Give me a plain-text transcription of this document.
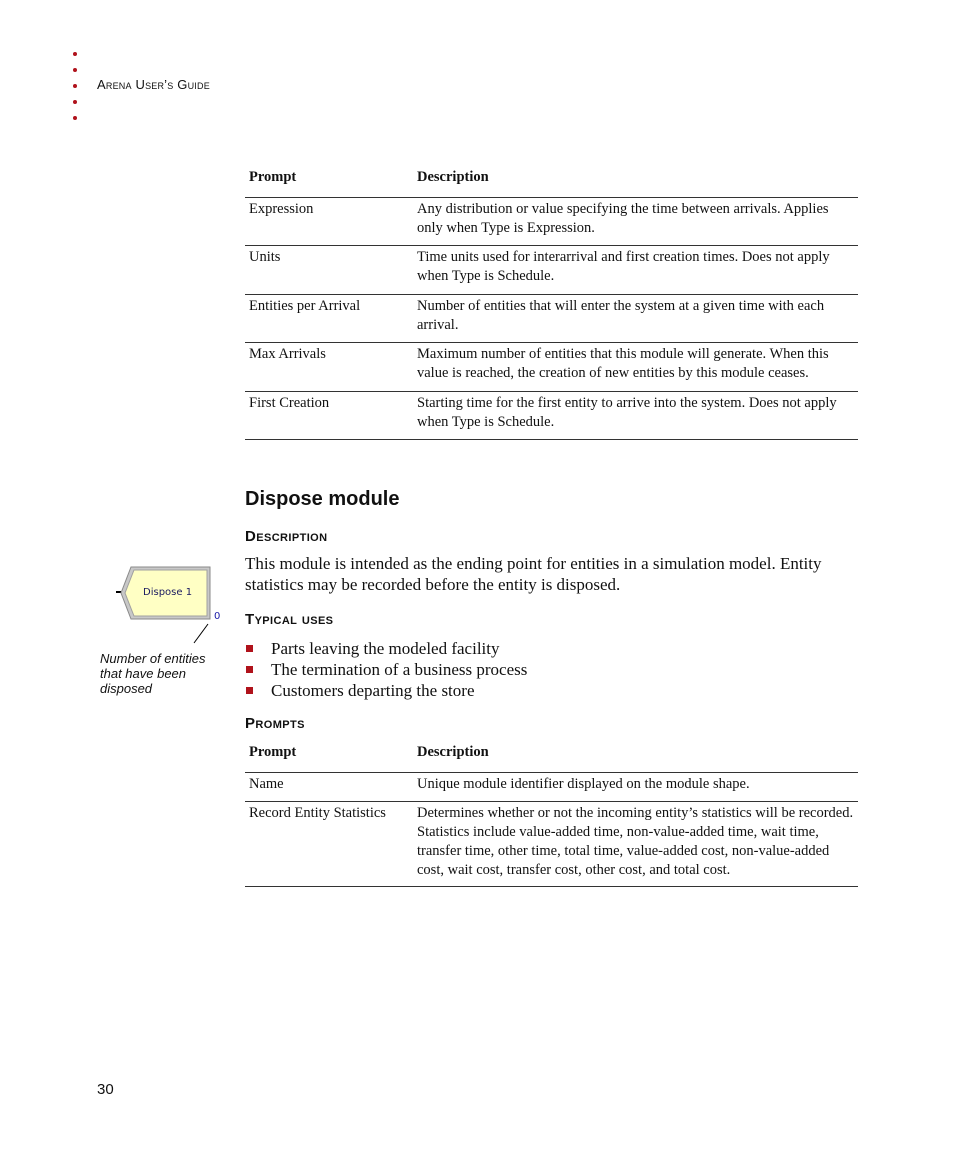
Arena User’s Guide
Prompt	Description
Expression	Any distribution or value specifying the time between arrivals. Applies only when Type is Expression.
Units	Time units used for interarrival and first creation times. Does not apply when Type is Schedule.
Entities per Arrival	Number of entities that will enter the system at a given time with each arrival.
Max Arrivals	Maximum number of entities that this module will generate. When this value is reached, the creation of new entities by this module ceases.
First Creation	Starting time for the first entity to arrive into the system. Does not apply when Type is Schedule.
Dispose module
Description

This module is intended as the ending point for entities in a simulation model. Entity statistics may be recorded before the entity is disposed.

Dispose 1
0
Number of entities that have been disposed
Typical uses
Parts leaving the modeled facility
The termination of a business process
Customers departing the store
Prompts
Prompt	Description
Name	Unique module identifier displayed on the module shape.
Record Entity Statistics	Determines whether or not the incoming entity’s statistics will be recorded. Statistics include value-added time, non-value-added time, wait time, transfer time, other time, total time, value-added cost, non-value-added cost, wait cost, transfer cost, other cost, and total cost.
30
